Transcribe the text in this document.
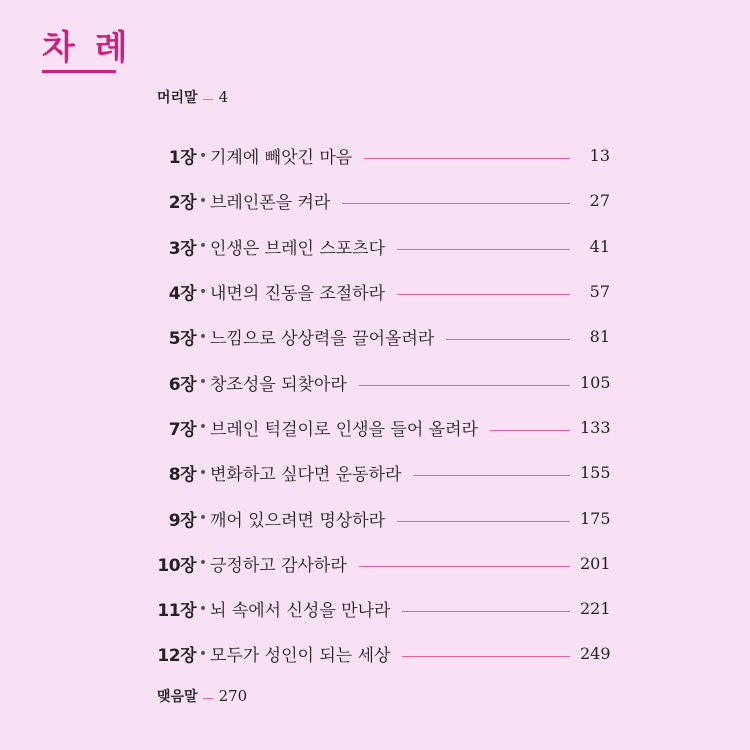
차 례
머리말 4
1장 • 기계에 빼앗긴 마음	13
2장 • 브레인폰을 켜라	27
3장 • 인생은 브레인 스포츠다	41
4장 • 내면의 진동을 조절하라	57
5장 • 느낌으로 상상력을 끌어올려라	81
6장 • 창조성을 되찾아라	105
7장 • 브레인 턱걸이로 인생을 들어 올려라	133
8장 • 변화하고 싶다면 운동하라	155
9장 • 깨어 있으려면 명상하라	175
10장 • 긍정하고 감사하라	201
11장 • 뇌 속에서 신성을 만나라	221
12장 • 모두가 성인이 되는 세상	249
맺음말 270
